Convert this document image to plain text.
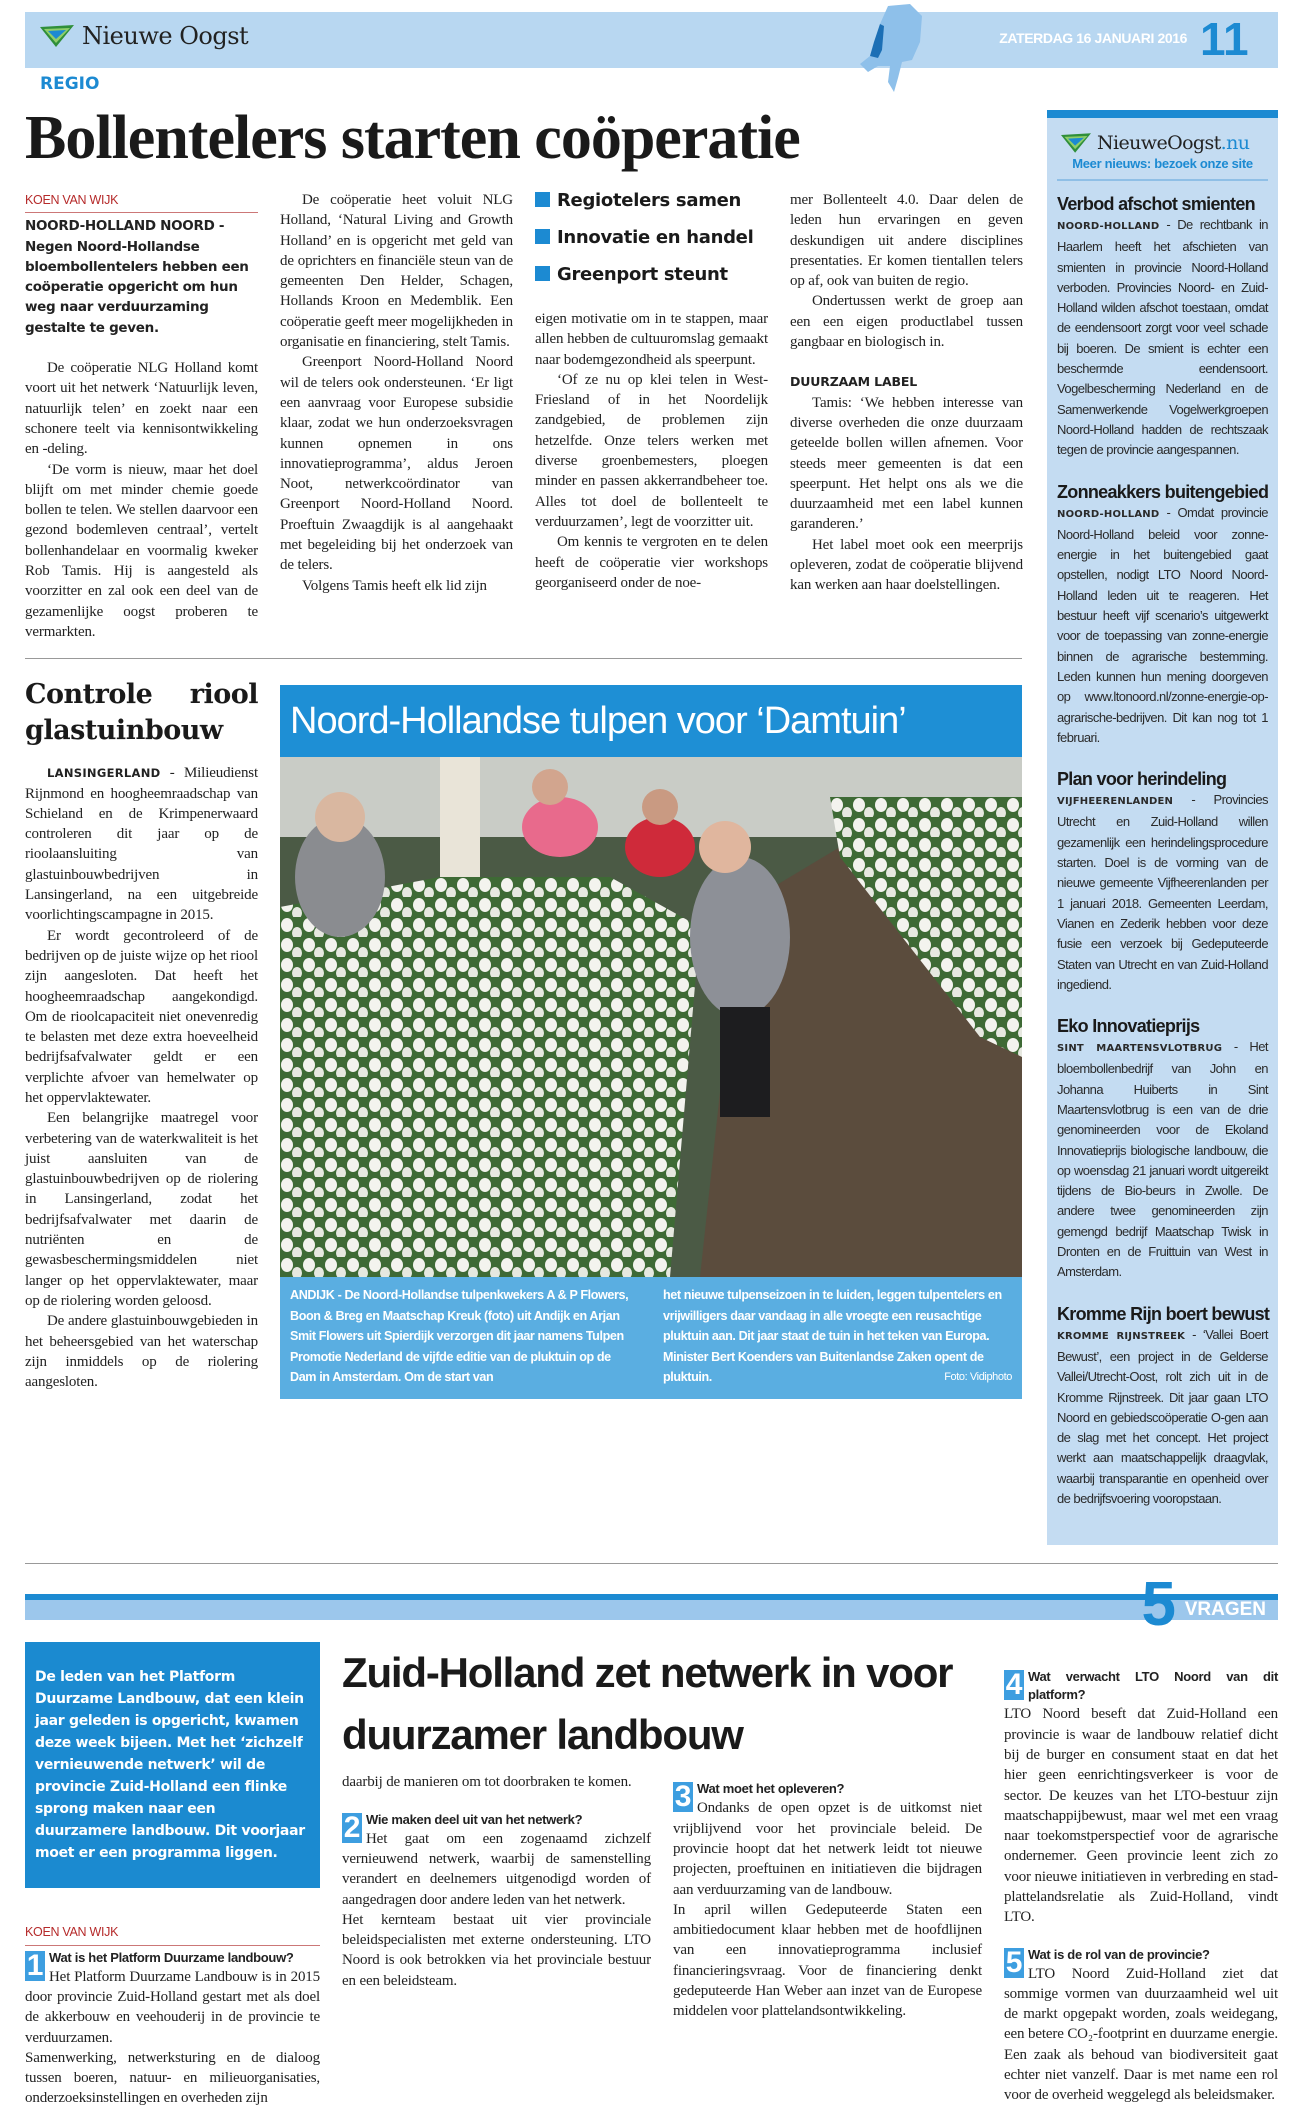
Nieuwe Oogst	ZATERDAG 16 JANUARI 2016 11
REGIO
Bollentelers starten coöperatie
KOEN VAN WIJK
NOORD-HOLLAND NOORD - Negen Noord-Hollandse bloembollentelers hebben een coöperatie opgericht om hun weg naar verduurzaming gestalte te geven.

De coöperatie NLG Holland komt voort uit het netwerk ‘Natuurlijk leven, natuurlijk telen’ en zoekt naar een schonere teelt via kennisontwikkeling en -deling.

‘De vorm is nieuw, maar het doel blijft om met minder chemie goede bollen te telen. We stellen daarvoor een gezond bodemleven centraal’, vertelt bollenhandelaar en voormalig kweker Rob Tamis. Hij is aangesteld als voorzitter en zal ook een deel van de gezamenlijke oogst proberen te vermarkten.

De coöperatie heet voluit NLG Holland, ‘Natural Living and Growth Holland’ en is opgericht met geld van de oprichters en financiële steun van de gemeenten Den Helder, Schagen, Hollands Kroon en Medemblik. Een coöperatie geeft meer mogelijkheden in organisatie en financiering, stelt Tamis.

Greenport Noord-Holland Noord wil de telers ook ondersteunen. ‘Er ligt een aanvraag voor Europese subsidie klaar, zodat we hun onderzoeksvragen kunnen opnemen in ons innovatieprogramma’, aldus Jeroen Noot, netwerkcoördinator van Greenport Noord-Holland Noord. Proeftuin Zwaagdijk is al aangehaakt met begeleiding bij het onderzoek van de telers.

Volgens Tamis heeft elk lid zijn

Regiotelers samen
Innovatie en handel
Greenport steunt

eigen motivatie om in te stappen, maar allen hebben de cultuuromslag gemaakt naar bodemgezondheid als speerpunt.

‘Of ze nu op klei telen in West-Friesland of in het Noordelijk zandgebied, de problemen zijn hetzelfde. Onze telers werken met diverse groenbemesters, ploegen minder en passen akkerrandbeheer toe. Alles tot doel de bollenteelt te verduurzamen’, legt de voorzitter uit.

Om kennis te vergroten en te delen heeft de coöperatie vier workshops georganiseerd onder de noe-

mer Bollenteelt 4.0. Daar delen de leden hun ervaringen en geven deskundigen uit andere disciplines presentaties. Er komen tientallen telers op af, ook van buiten de regio.

Ondertussen werkt de groep aan een een eigen productlabel tussen gangbaar en biologisch in.

DUURZAAM LABEL

Tamis: ‘We hebben interesse van diverse overheden die onze duurzaam geteelde bollen willen afnemen. Voor steeds meer gemeenten is dat een speerpunt. Het helpt ons als we die duurzaamheid met een label kunnen garanderen.’

Het label moet ook een meerprijs opleveren, zodat de coöperatie blijvend kan werken aan haar doelstellingen.

Controle riool glastuinbouw

LANSINGERLAND - Milieudienst Rijnmond en hoogheemraadschap van Schieland en de Krimpenerwaard controleren dit jaar op de rioolaansluiting van glastuinbouwbedrijven in Lansingerland, na een uitgebreide voorlichtingscampagne in 2015.

Er wordt gecontroleerd of de bedrijven op de juiste wijze op het riool zijn aangesloten. Dat heeft het hoogheemraadschap aangekondigd. Om de rioolcapaciteit niet onevenredig te belasten met deze extra hoeveelheid bedrijfsafvalwater geldt er een verplichte afvoer van hemelwater op het oppervlaktewater.

Een belangrijke maatregel voor verbetering van de waterkwaliteit is het juist aansluiten van de glastuinbouwbedrijven op de riolering in Lansingerland, zodat het bedrijfsafvalwater met daarin de nutriënten en de gewasbeschermingsmiddelen niet langer op het oppervlaktewater, maar op de riolering worden geloosd.

De andere glastuinbouwgebieden in het beheersgebied van het waterschap zijn inmiddels op de riolering aangesloten.

Noord-Hollandse tulpen voor ‘Damtuin’
ANDIJK - De Noord-Hollandse tulpenkwekers A & P Flowers, Boon & Breg en Maatschap Kreuk (foto) uit Andijk en Arjan Smit Flowers uit Spierdijk verzorgen dit jaar namens Tulpen Promotie Nederland de vijfde editie van de pluktuin op de Dam in Amsterdam. Om de start van
het nieuwe tulpenseizoen in te luiden, leggen tulpentelers en vrijwilligers daar vandaag in alle vroegte een reusachtige pluktuin aan. Dit jaar staat de tuin in het teken van Europa. Minister Bert Koenders van Buitenlandse Zaken opent de pluktuin.	Foto: Vidiphoto
NieuweOogst.nu
Meer nieuws: bezoek onze site
Verbod afschot smienten

NOORD-HOLLAND - De rechtbank in Haarlem heeft het afschieten van smienten in provincie Noord-Holland verboden. Provincies Noord- en Zuid-Holland wilden afschot toestaan, omdat de eendensoort zorgt voor veel schade bij boeren. De smient is echter een beschermde eendensoort. Vogelbescherming Nederland en de Samenwerkende Vogelwerkgroepen Noord-Holland hadden de rechtszaak tegen de provincie aangespannen.

Zonneakkers buitengebied

NOORD-HOLLAND - Omdat provincie Noord-Holland beleid voor zonne-energie in het buitengebied gaat opstellen, nodigt LTO Noord Noord-Holland leden uit te reageren. Het bestuur heeft vijf scenario’s uitgewerkt voor de toepassing van zonne-energie binnen de agrarische bestemming. Leden kunnen hun mening doorgeven op www.ltonoord.nl/zonne-energie-op-agrarische-bedrijven. Dit kan nog tot 1 februari.

Plan voor herindeling

VIJFHEERENLANDEN - Provincies Utrecht en Zuid-Holland willen gezamenlijk een herindelingsprocedure starten. Doel is de vorming van de nieuwe gemeente Vijfheerenlanden per 1 januari 2018. Gemeenten Leerdam, Vianen en Zederik hebben voor deze fusie een verzoek bij Gedeputeerde Staten van Utrecht en van Zuid-Holland ingediend.

Eko Innovatieprijs

SINT MAARTENSVLOTBRUG - Het bloembollenbedrijf van John en Johanna Huiberts in Sint Maartensvlotbrug is een van de drie genomineerden voor de Ekoland Innovatieprijs biologische landbouw, die op woensdag 21 januari wordt uitgereikt tijdens de Bio-beurs in Zwolle. De andere twee genomineerden zijn gemengd bedrijf Maatschap Twisk in Dronten en de Fruittuin van West in Amsterdam.

Kromme Rijn boert bewust

KROMME RIJNSTREEK - ‘Vallei Boert Bewust’, een project in de Gelderse Vallei/Utrecht-Oost, rolt zich uit in de Kromme Rijnstreek. Dit jaar gaan LTO Noord en gebiedscoöperatie O-gen aan de slag met het concept. Het project werkt aan maatschappelijk draagvlak, waarbij transparantie en openheid over de bedrijfsvoering vooropstaan.

5 VRAGEN
De leden van het Platform Duurzame Landbouw, dat een klein jaar geleden is opgericht, kwamen deze week bijeen. Met het ‘zichzelf vernieuwende netwerk’ wil de provincie Zuid-Holland een flinke sprong maken naar een duurzamere landbouw. Dit voorjaar moet er een programma liggen.
KOEN VAN WIJK
1 Wat is het Platform Duurzame landbouw?

Het Platform Duurzame Landbouw is in 2015 door provincie Zuid-Holland gestart met als doel de akkerbouw en veehouderij in de provincie te verduurzamen.

Samenwerking, netwerksturing en de dialoog tussen boeren, natuur- en milieuorganisaties, onderzoeksinstellingen en overheden zijn

Zuid-Holland zet netwerk in voor duurzamer landbouw

daarbij de manieren om tot doorbraken te komen.

2 Wie maken deel uit van het netwerk?

Het gaat om een zogenaamd zichzelf vernieuwend netwerk, waarbij de samenstelling verandert en deelnemers uitgenodigd worden of aangedragen door andere leden van het netwerk.

Het kernteam bestaat uit vier provinciale beleidspecialisten met externe ondersteuning. LTO Noord is ook betrokken via het provinciale bestuur en een beleidsteam.

3 Wat moet het opleveren?

Ondanks de open opzet is de uitkomst niet vrijblijvend voor het provinciale beleid. De provincie hoopt dat het netwerk leidt tot nieuwe projecten, proeftuinen en initiatieven die bijdragen aan verduurzaming van de landbouw.

In april willen Gedeputeerde Staten een ambitiedocument klaar hebben met de hoofdlijnen van een innovatieprogramma inclusief financieringsvraag. Voor de financiering denkt gedeputeerde Han Weber aan inzet van de Europese middelen voor plattelandsontwikkeling.

4 Wat verwacht LTO Noord van dit platform?

LTO Noord beseft dat Zuid-Holland een provincie is waar de landbouw relatief dicht bij de burger en consument staat en dat het hier geen eenrichtingsverkeer is voor de sector. De keuzes van het LTO-bestuur zijn maatschappijbewust, maar wel met een vraag naar toekomstperspectief voor de agrarische ondernemer. Geen provincie leent zich zo voor nieuwe initiatieven in verbreding en stad-plattelandsrelatie als Zuid-Holland, vindt LTO.

5 Wat is de rol van de provincie?

LTO Noord Zuid-Holland ziet dat sommige vormen van duurzaamheid wel uit de markt opgepakt worden, zoals weidegang, een betere CO₂-footprint en duurzame energie. Een zaak als behoud van biodiversiteit gaat echter niet vanzelf. Daar is met name een rol voor de overheid weggelegd als beleidsmaker.
